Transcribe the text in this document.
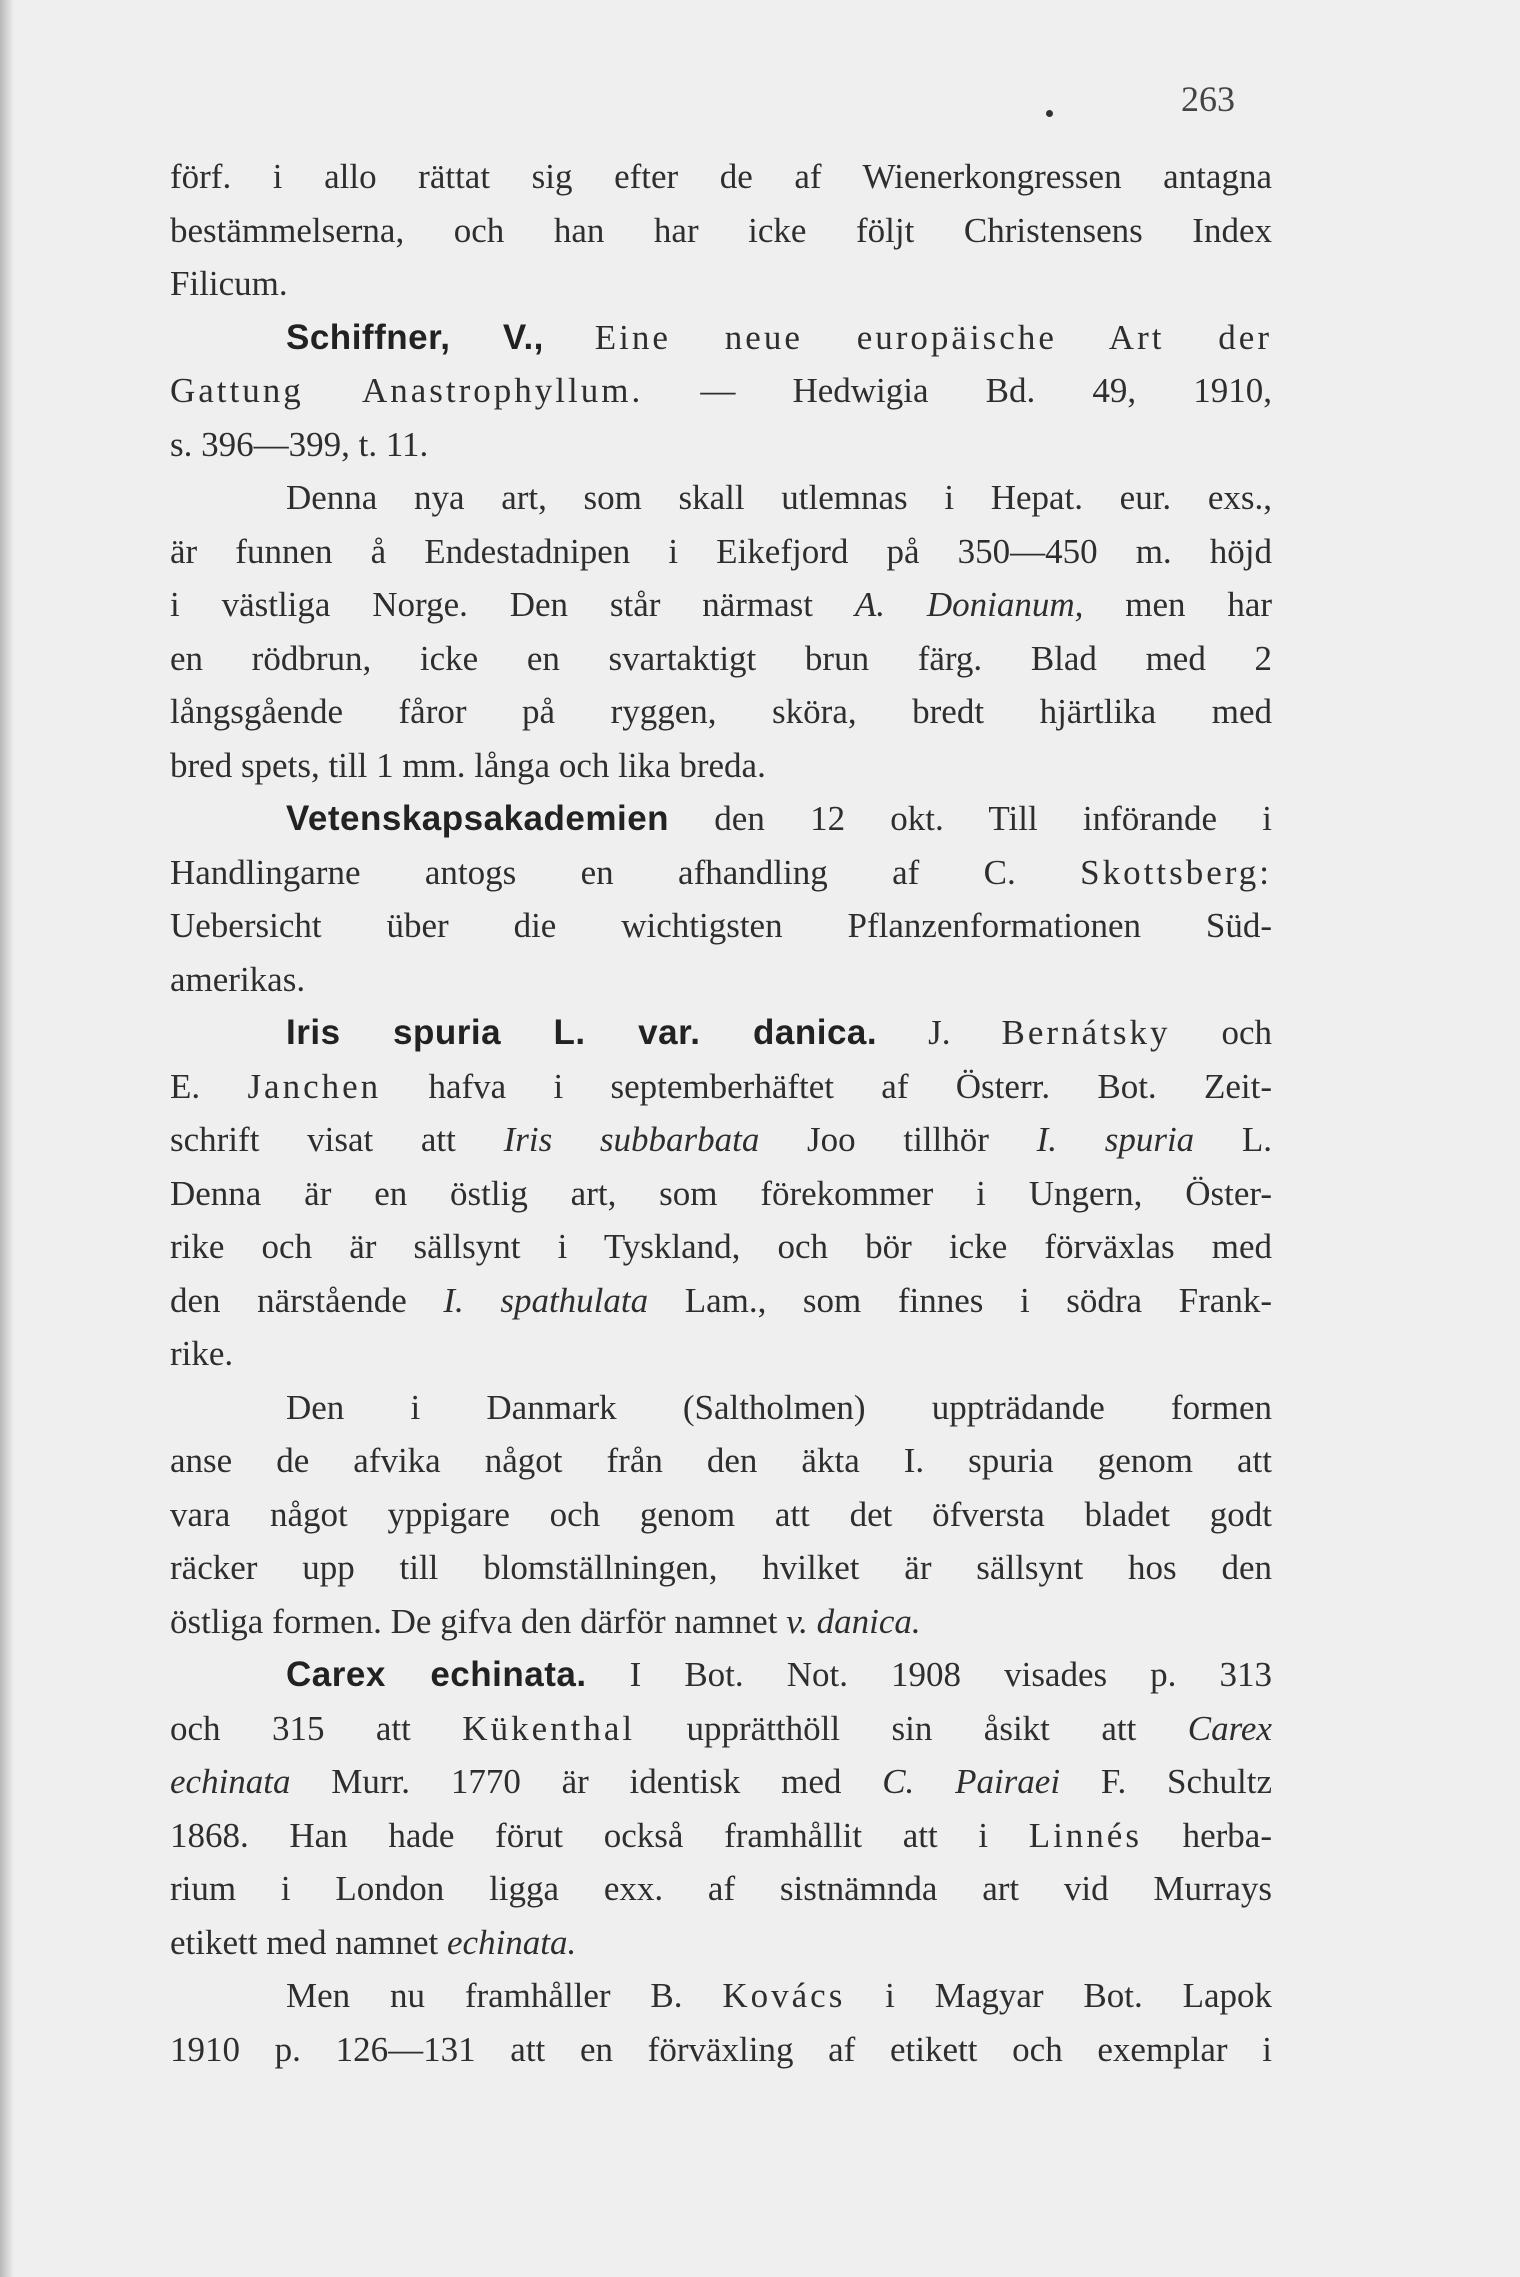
263
förf. i allo rättat sig efter de af Wienerkongressen antagna
bestämmelserna, och han har icke följt Christensens Index
Filicum.
Schiffner, V., Eine neue europäische Art der
Gattung Anastrophyllum. — Hedwigia Bd. 49, 1910,
s. 396—399, t. 11.
Denna nya art, som skall utlemnas i Hepat. eur. exs.,
är funnen å Endestadnipen i Eikefjord på 350—450 m. höjd
i västliga Norge. Den står närmast A. Donianum, men har
en rödbrun, icke en svartaktigt brun färg. Blad med 2
långsgående fåror på ryggen, sköra, bredt hjärtlika med
bred spets, till 1 mm. långa och lika breda.
Vetenskapsakademien den 12 okt. Till införande i
Handlingarne antogs en afhandling af C. Skottsberg:
Uebersicht über die wichtigsten Pflanzenformationen Süd-
amerikas.
Iris spuria L. var. danica. J. Bernátsky och
E. Janchen hafva i septemberhäftet af Österr. Bot. Zeit-
schrift visat att Iris subbarbata Joo tillhör I. spuria L.
Denna är en östlig art, som förekommer i Ungern, Öster-
rike och är sällsynt i Tyskland, och bör icke förväxlas med
den närstående I. spathulata Lam., som finnes i södra Frank-
rike.
Den i Danmark (Saltholmen) uppträdande formen
anse de afvika något från den äkta I. spuria genom att
vara något yppigare och genom att det öfversta bladet godt
räcker upp till blomställningen, hvilket är sällsynt hos den
östliga formen. De gifva den därför namnet v. danica.
Carex echinata. I Bot. Not. 1908 visades p. 313
och 315 att Kükenthal upprätthöll sin åsikt att Carex
echinata Murr. 1770 är identisk med C. Pairaei F. Schultz
1868. Han hade förut också framhållit att i Linnés herba-
rium i London ligga exx. af sistnämnda art vid Murrays
etikett med namnet echinata.
Men nu framhåller B. Kovács i Magyar Bot. Lapok
1910 p. 126—131 att en förväxling af etikett och exemplar i
